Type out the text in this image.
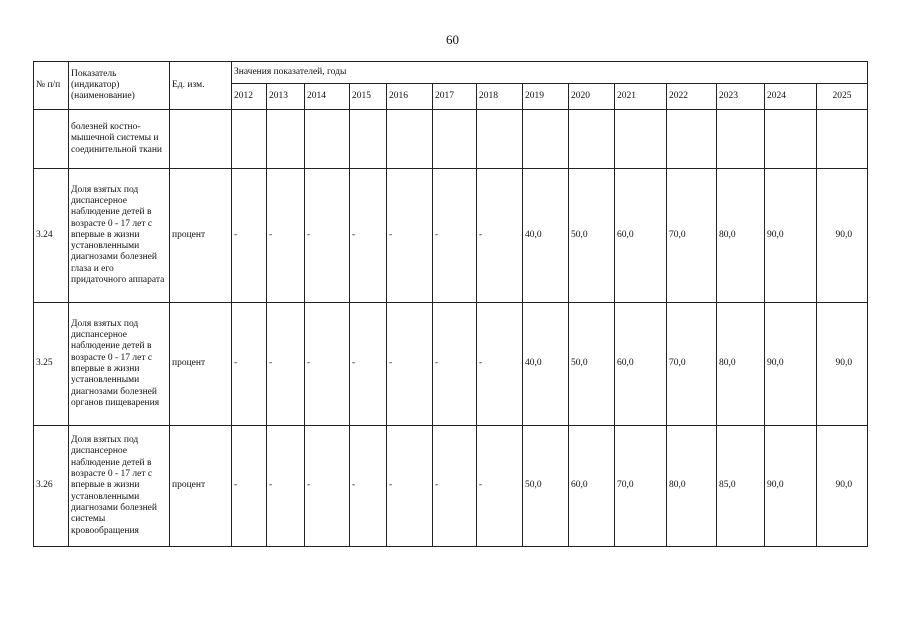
60
№ п/п	Показатель (индикатор) (наименование)	Ед. изм.	Значения показателей, годы													
			2012	2013	2014	2015	2016	2017	2018	2019	2020	2021	2022	2023	2024	2025
	болезней костно-мышечной системы и соединительной ткани															
3.24	Доля взятых под диспансерное наблюдение детей в возрасте 0 - 17 лет с впервые в жизни установленными диагнозами болезней глаза и его придаточного аппарата	процент	-	-	-	-	-	-	-	40,0	50,0	60,0	70,0	80,0	90,0	90,0
3.25	Доля взятых под диспансерное наблюдение детей в возрасте 0 - 17 лет с впервые в жизни установленными диагнозами болезней органов пищеварения	процент	-	-	-	-	-	-	-	40,0	50,0	60,0	70,0	80,0	90,0	90,0
3.26	Доля взятых под диспансерное наблюдение детей в возрасте 0 - 17 лет с впервые в жизни установленными диагнозами болезней системы кровообращения	процент	-	-	-	-	-	-	-	50,0	60,0	70,0	80,0	85,0	90,0	90,0
